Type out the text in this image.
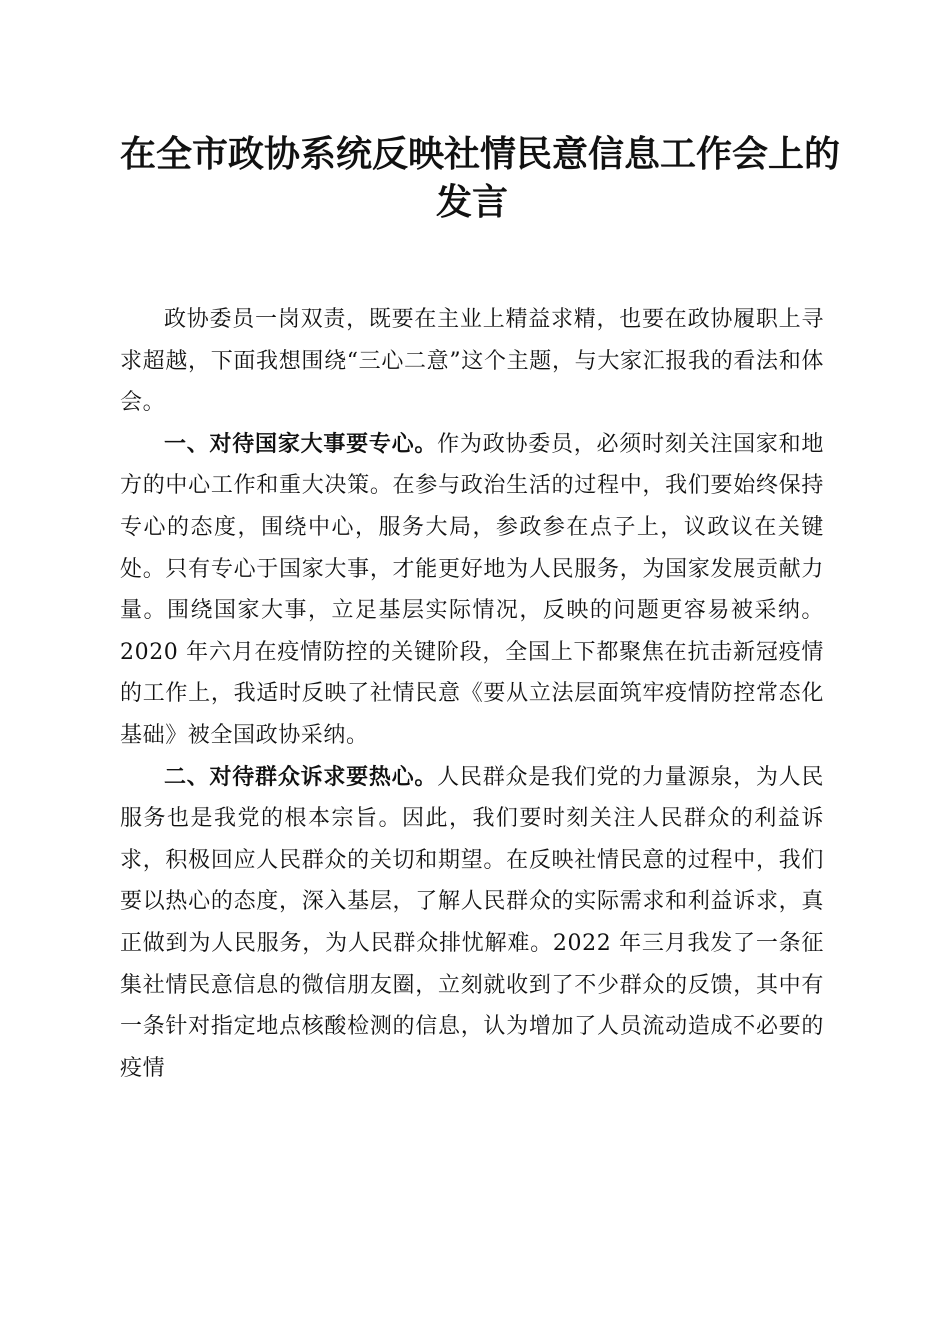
在全市政协系统反映社情民意信息工作会上的
发言

政协委员一岗双责，既要在主业上精益求精，也要在政协履职上寻求超越，下面我想围绕“三心二意”这个主题，与大家汇报我的看法和体会。

一、对待国家大事要专心。作为政协委员，必须时刻关注国家和地方的中心工作和重大决策。在参与政治生活的过程中，我们要始终保持专心的态度，围绕中心，服务大局，参政参在点子上，议政议在关键处。只有专心于国家大事，才能更好地为人民服务，为国家发展贡献力量。围绕国家大事，立足基层实际情况，反映的问题更容易被采纳。2020 年六月在疫情防控的关键阶段，全国上下都聚焦在抗击新冠疫情的工作上，我适时反映了社情民意《要从立法层面筑牢疫情防控常态化基础》被全国政协采纳。

二、对待群众诉求要热心。人民群众是我们党的力量源泉，为人民服务也是我党的根本宗旨。因此，我们要时刻关注人民群众的利益诉求，积极回应人民群众的关切和期望。在反映社情民意的过程中，我们要以热心的态度，深入基层，了解人民群众的实际需求和利益诉求，真正做到为人民服务，为人民群众排忧解难。2022 年三月我发了一条征集社情民意信息的微信朋友圈，立刻就收到了不少群众的反馈，其中有一条针对指定地点核酸检测的信息，认为增加了人员流动造成不必要的疫情
